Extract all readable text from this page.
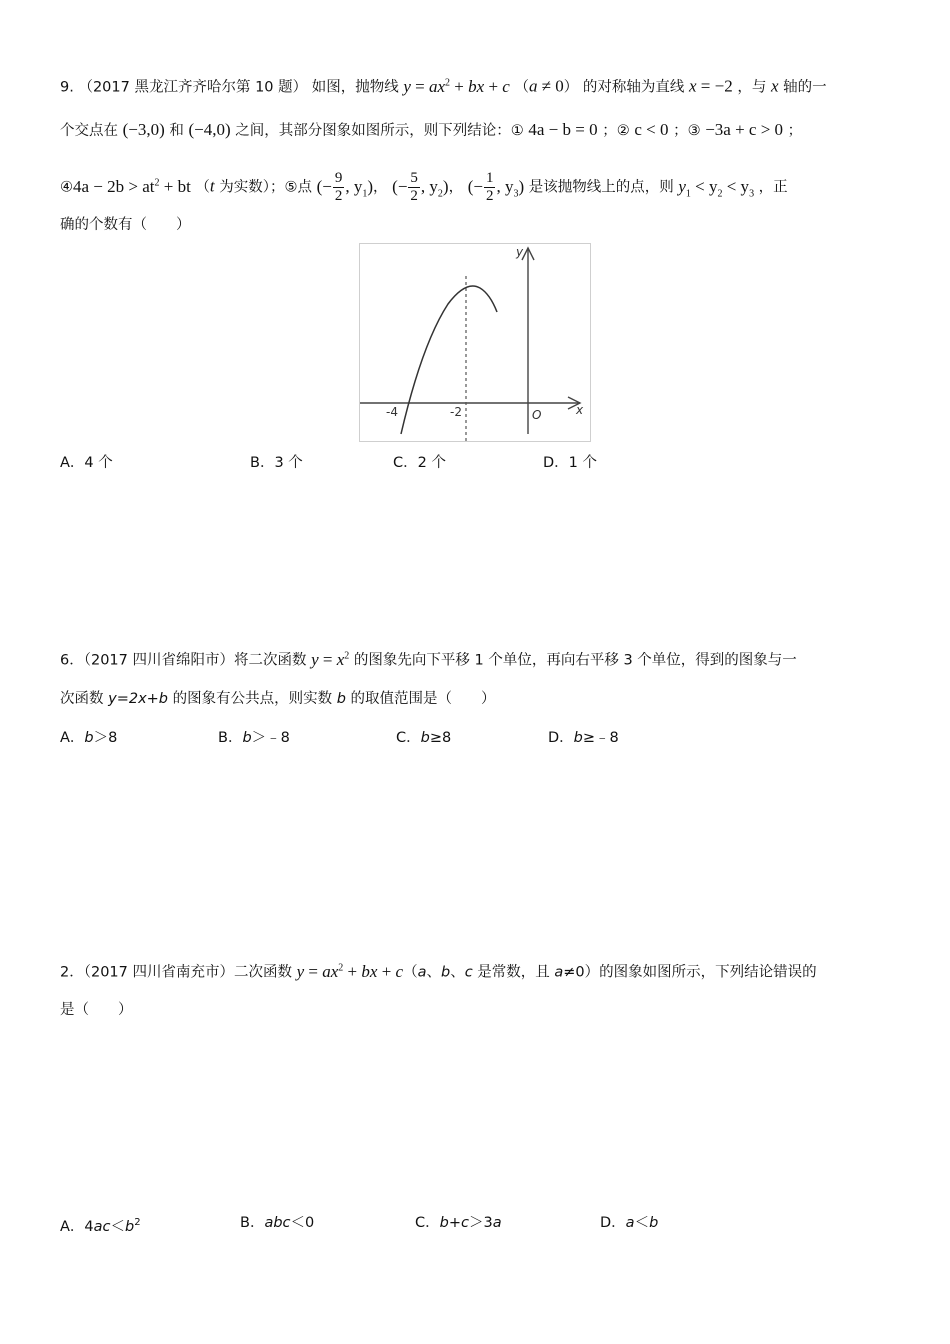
9. （2017 黑龙江齐齐哈尔第 10 题） 如图，抛物线 $y = ax^2$ + bx + c （a ≠ 0） 的对称轴为直线 x = −2 ，与 x 轴的一
个交点在 (−3,0) 和 (−4,0) 之间，其部分图象如图所示，则下列结论：① 4a − b = 0 ；② c < 0 ；③ −3a + c > 0 ；
④4a − $2b > at^2$ + bt （t 为实数）；⑤点 (− $\frac{9}{2}$ , $y_1$)， (− $\frac{5}{2}$ , $y_2$)， (− $\frac{1}{2}$ , $y_3$) 是该抛物线上的点，则 $y_1 < y_2 < y_3$ ，正
确的个数有（　　）
y
x
O
-4	-2
A．4 个	B．3 个	C．2 个	D．1 个
6．（2017 四川省绵阳市）将二次函数 $y = x^2$ 的图象先向下平移 1 个单位，再向右平移 3 个单位，得到的图象与一
次函数 y=2x+b 的图象有公共点，则实数 b 的取值范围是（　　）
A．b＞8	B．b＞﹣8	C．b≥8	D．b≥﹣8
2．（2017 四川省南充市）二次函数 $y = ax^2$ + bx + c（a、b、c 是常数，且 a≠0）的图象如图所示，下列结论错误的
是（　　）
A．$4ac<b^2$	B．abc＜0	C．b+c＞3a	D．a＜b
